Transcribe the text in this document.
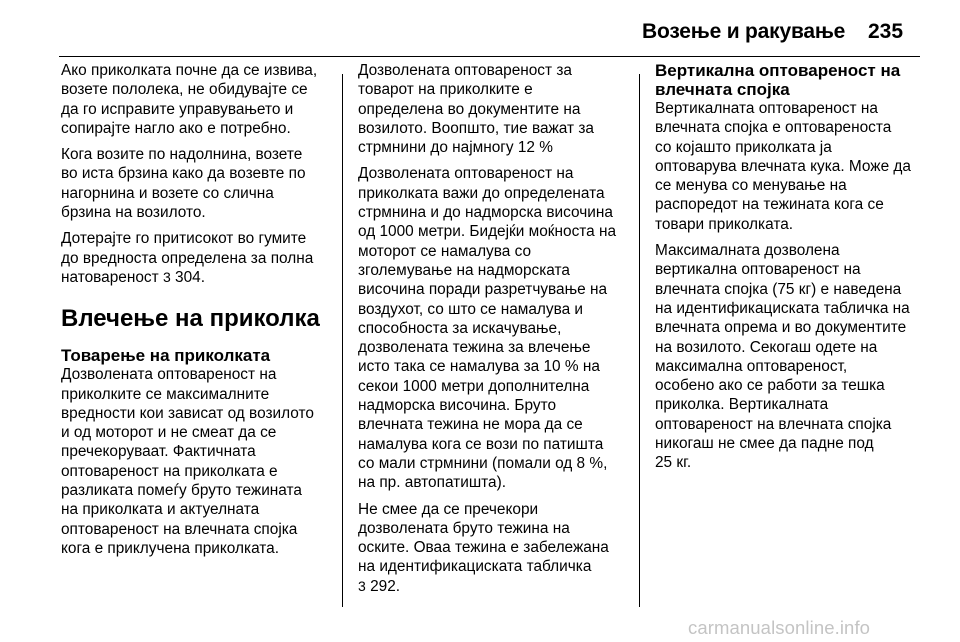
Возење и ракување 235

Ако приколката почне да се извива,
возете пололека, не обидувајте се
да го исправите управувањето и
сопирајте нагло ако е потребно.

Кога возите по надолнина, возете
во иста брзина како да возевте по
нагорнина и возете со слична
брзина на возилото.

Дотерајте го притисокот во гумите
до вредноста определена за полна
натовареност 3 304.

Влечење на приколка
Товарење на приколката

Дозволената оптовареност на
приколките се максималните
вредности кои зависат од возилото
и од моторот и не смеат да се
пречекоруваат. Фактичната
оптовареност на приколката е
разликата помеѓу бруто тежината
на приколката и актуелната
оптовареност на влечната спојка
кога е приклучена приколката.

Дозволената оптовареност за
товарот на приколките е
определена во документите на
возилото. Воопшто, тие важат за
стрмнини до најмногу 12 %

Дозволената оптовареност на
приколката важи до определената
стрмнина и до надморска височина
од 1000 метри. Бидејќи моќноста на
моторот се намалува со
зголемување на надморската
височина поради разретчување на
воздухот, со што се намалува и
способноста за искачување,
дозволената тежина за влечење
исто така се намалува за 10 % на
секои 1000 метри дополнителна
надморска височина. Бруто
влечната тежина не мора да се
намалува кога се вози по патишта
со мали стрмнини (помали од 8 %,
на пр. автопатишта).

Не смее да се пречекори
дозволената бруто тежина на
оските. Оваа тежина е забележана
на идентификациската табличка
3 292.

Вертикална оптовареност на
влечната спојка

Вертикалната оптовареност на
влечната спојка е оптовареноста
со којашто приколката ја
оптоварува влечната кука. Може да
се менува со менување на
распоредот на тежината кога се
товари приколката.

Максималната дозволена
вертикална оптовареност на
влечната спојка (75 кг) е наведена
на идентификациската табличка на
влечната опрема и во документите
на возилото. Секогаш одете на
максимална оптовареност,
особено ако се работи за тешка
приколка. Вертикалната
оптовареност на влечната спојка
никогаш не смее да падне под
25 кг.

carmanualsonline.info
